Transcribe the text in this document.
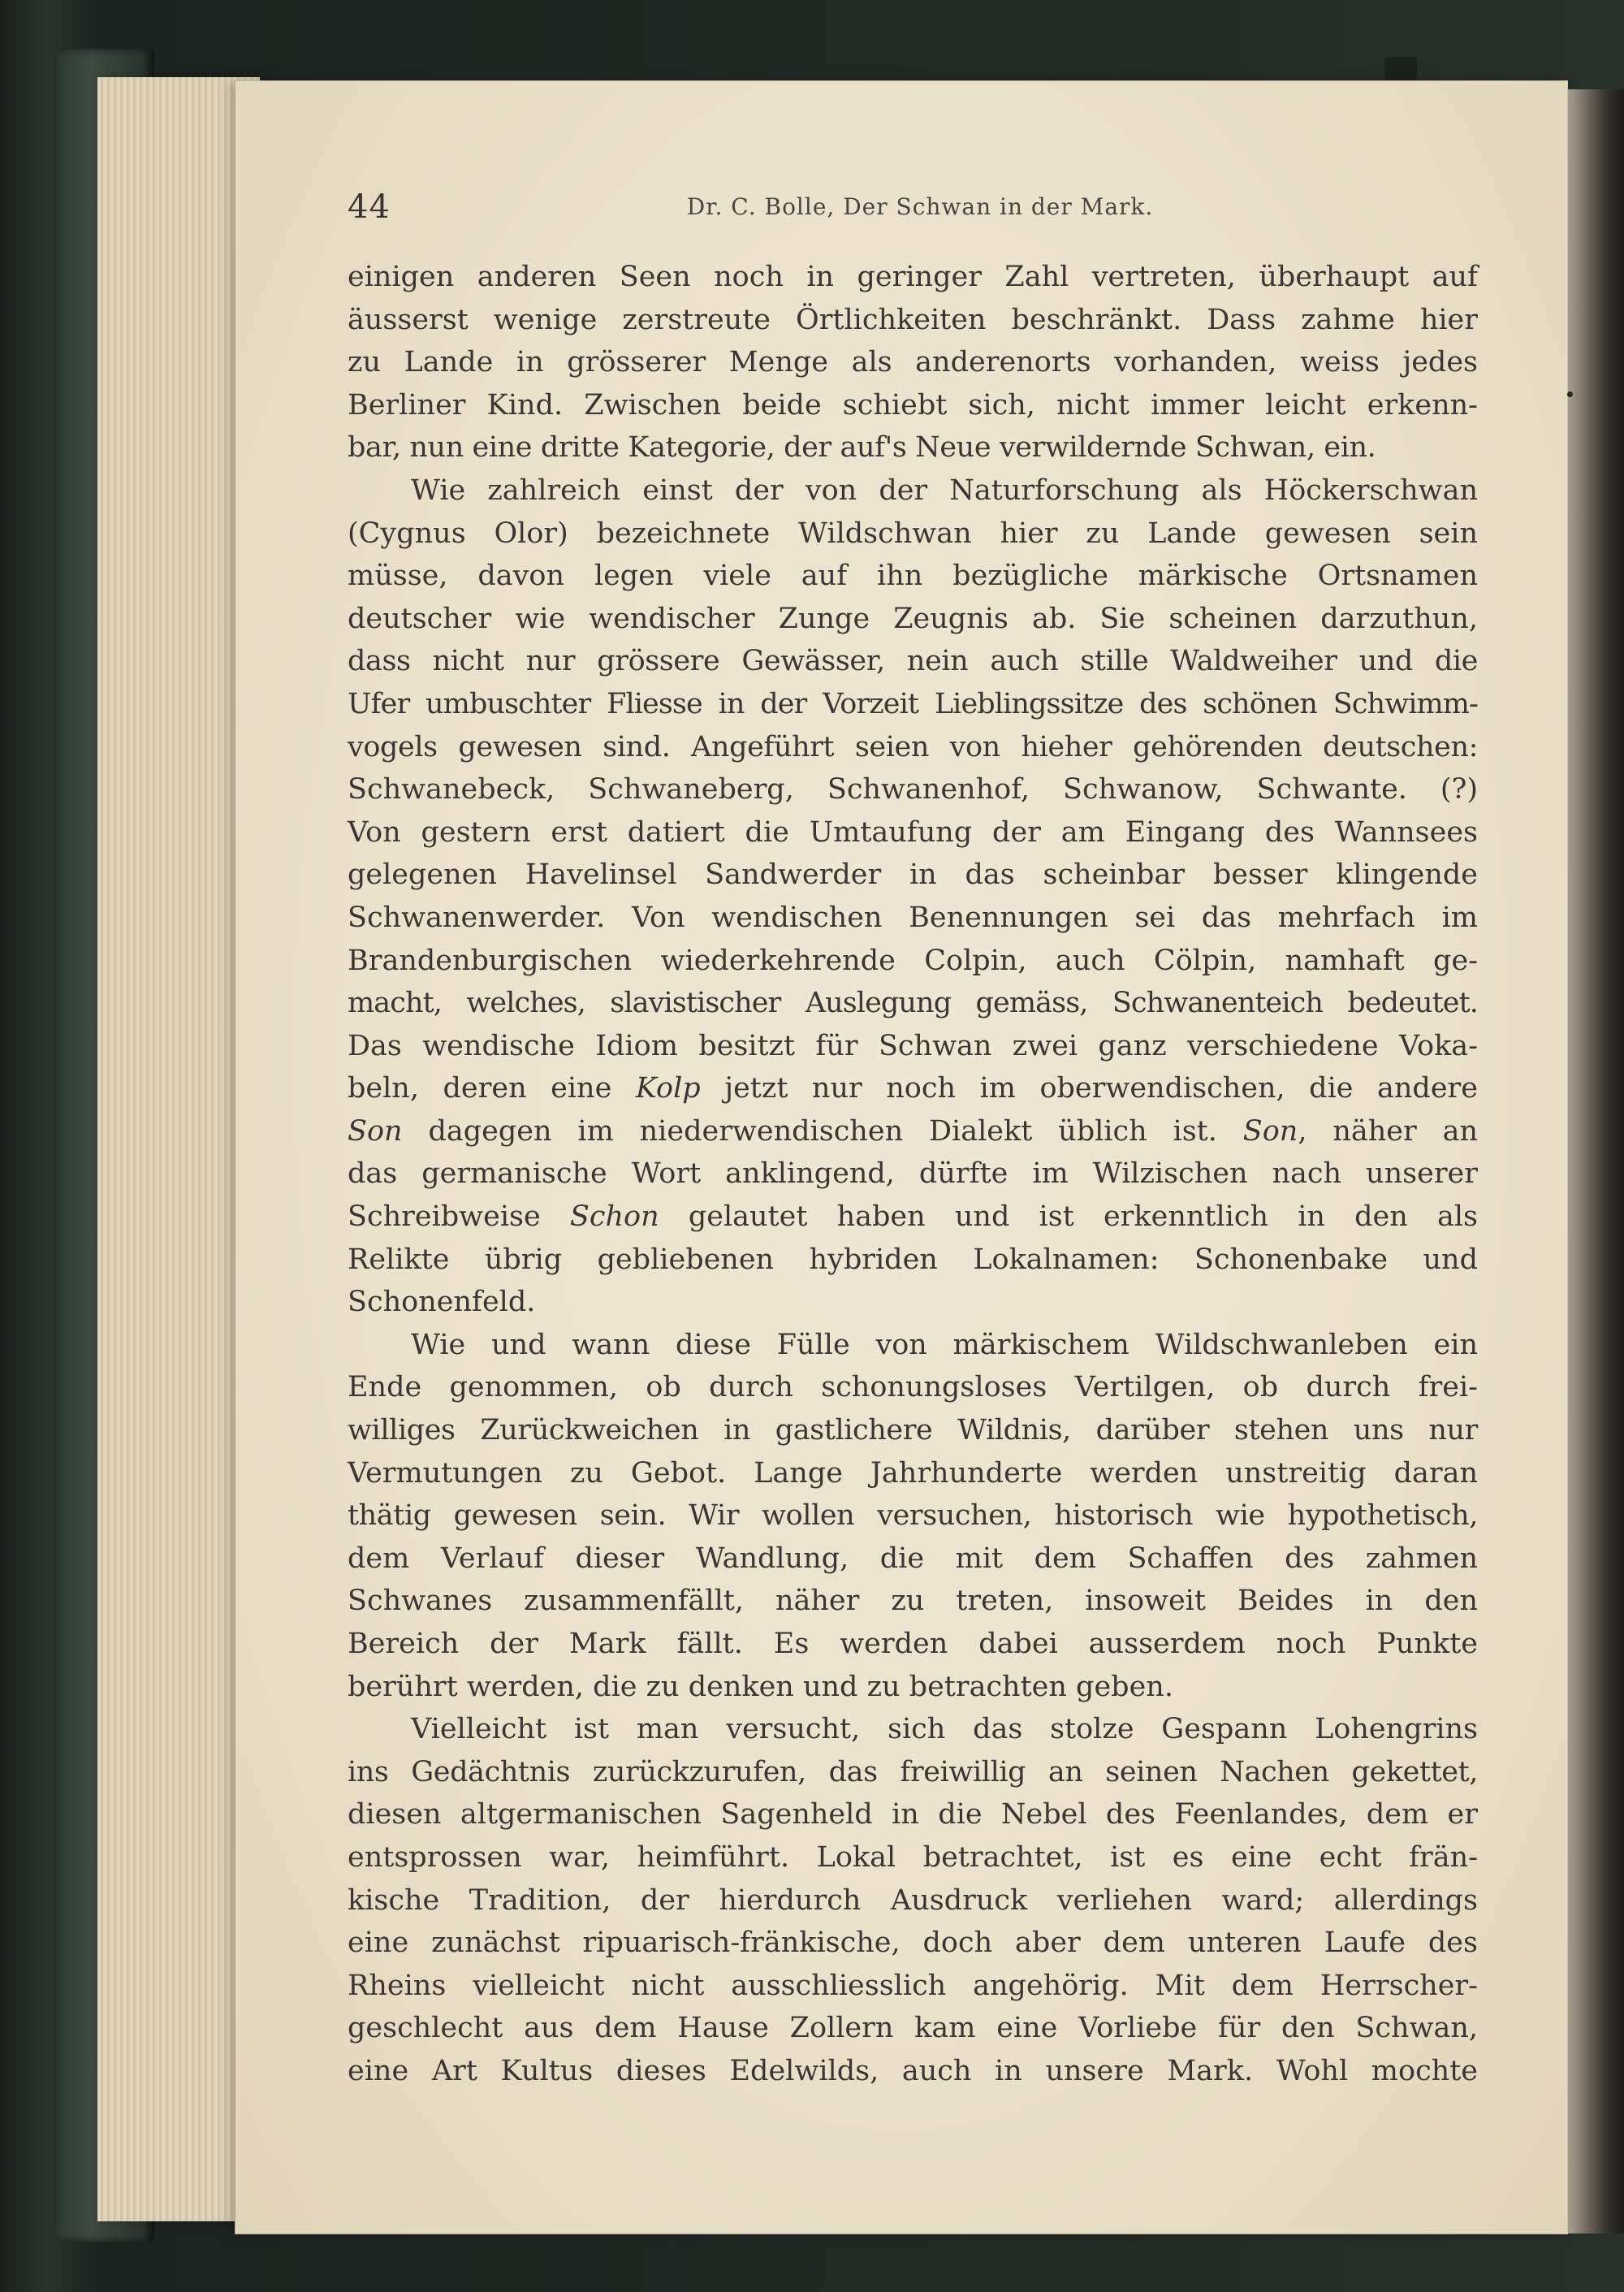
44	Dr. C. Bolle, Der Schwan in der Mark.

einigen anderen Seen noch in geringer Zahl vertreten, überhaupt auf
äusserst wenige zerstreute Örtlichkeiten beschränkt. Dass zahme hier
zu Lande in grösserer Menge als anderenorts vorhanden, weiss jedes
Berliner Kind. Zwischen beide schiebt sich, nicht immer leicht erkenn-
bar, nun eine dritte Kategorie, der auf's Neue verwildernde Schwan, ein.

Wie zahlreich einst der von der Naturforschung als Höckerschwan
(Cygnus Olor) bezeichnete Wildschwan hier zu Lande gewesen sein
müsse, davon legen viele auf ihn bezügliche märkische Ortsnamen
deutscher wie wendischer Zunge Zeugnis ab. Sie scheinen darzuthun,
dass nicht nur grössere Gewässer, nein auch stille Waldweiher und die
Ufer umbuschter Fliesse in der Vorzeit Lieblingssitze des schönen Schwimm-
vogels gewesen sind. Angeführt seien von hieher gehörenden deutschen:
Schwanebeck, Schwaneberg, Schwanenhof, Schwanow, Schwante. (?)
Von gestern erst datiert die Umtaufung der am Eingang des Wannsees
gelegenen Havelinsel Sandwerder in das scheinbar besser klingende
Schwanenwerder. Von wendischen Benennungen sei das mehrfach im
Brandenburgischen wiederkehrende Colpin, auch Cölpin, namhaft ge-
macht, welches, slavistischer Auslegung gemäss, Schwanenteich bedeutet.
Das wendische Idiom besitzt für Schwan zwei ganz verschiedene Voka-
beln, deren eine Kolp jetzt nur noch im oberwendischen, die andere
Son dagegen im niederwendischen Dialekt üblich ist. Son, näher an
das germanische Wort anklingend, dürfte im Wilzischen nach unserer
Schreibweise Schon gelautet haben und ist erkenntlich in den als
Relikte übrig gebliebenen hybriden Lokalnamen: Schonenbake und
Schonenfeld.

Wie und wann diese Fülle von märkischem Wildschwanleben ein
Ende genommen, ob durch schonungsloses Vertilgen, ob durch frei-
williges Zurückweichen in gastlichere Wildnis, darüber stehen uns nur
Vermutungen zu Gebot. Lange Jahrhunderte werden unstreitig daran
thätig gewesen sein. Wir wollen versuchen, historisch wie hypothetisch,
dem Verlauf dieser Wandlung, die mit dem Schaffen des zahmen
Schwanes zusammenfällt, näher zu treten, insoweit Beides in den
Bereich der Mark fällt. Es werden dabei ausserdem noch Punkte
berührt werden, die zu denken und zu betrachten geben.

Vielleicht ist man versucht, sich das stolze Gespann Lohengrins
ins Gedächtnis zurückzurufen, das freiwillig an seinen Nachen gekettet,
diesen altgermanischen Sagenheld in die Nebel des Feenlandes, dem er
entsprossen war, heimführt. Lokal betrachtet, ist es eine echt frän-
kische Tradition, der hierdurch Ausdruck verliehen ward; allerdings
eine zunächst ripuarisch-fränkische, doch aber dem unteren Laufe des
Rheins vielleicht nicht ausschliesslich angehörig. Mit dem Herrscher-
geschlecht aus dem Hause Zollern kam eine Vorliebe für den Schwan,
eine Art Kultus dieses Edelwilds, auch in unsere Mark. Wohl mochte
